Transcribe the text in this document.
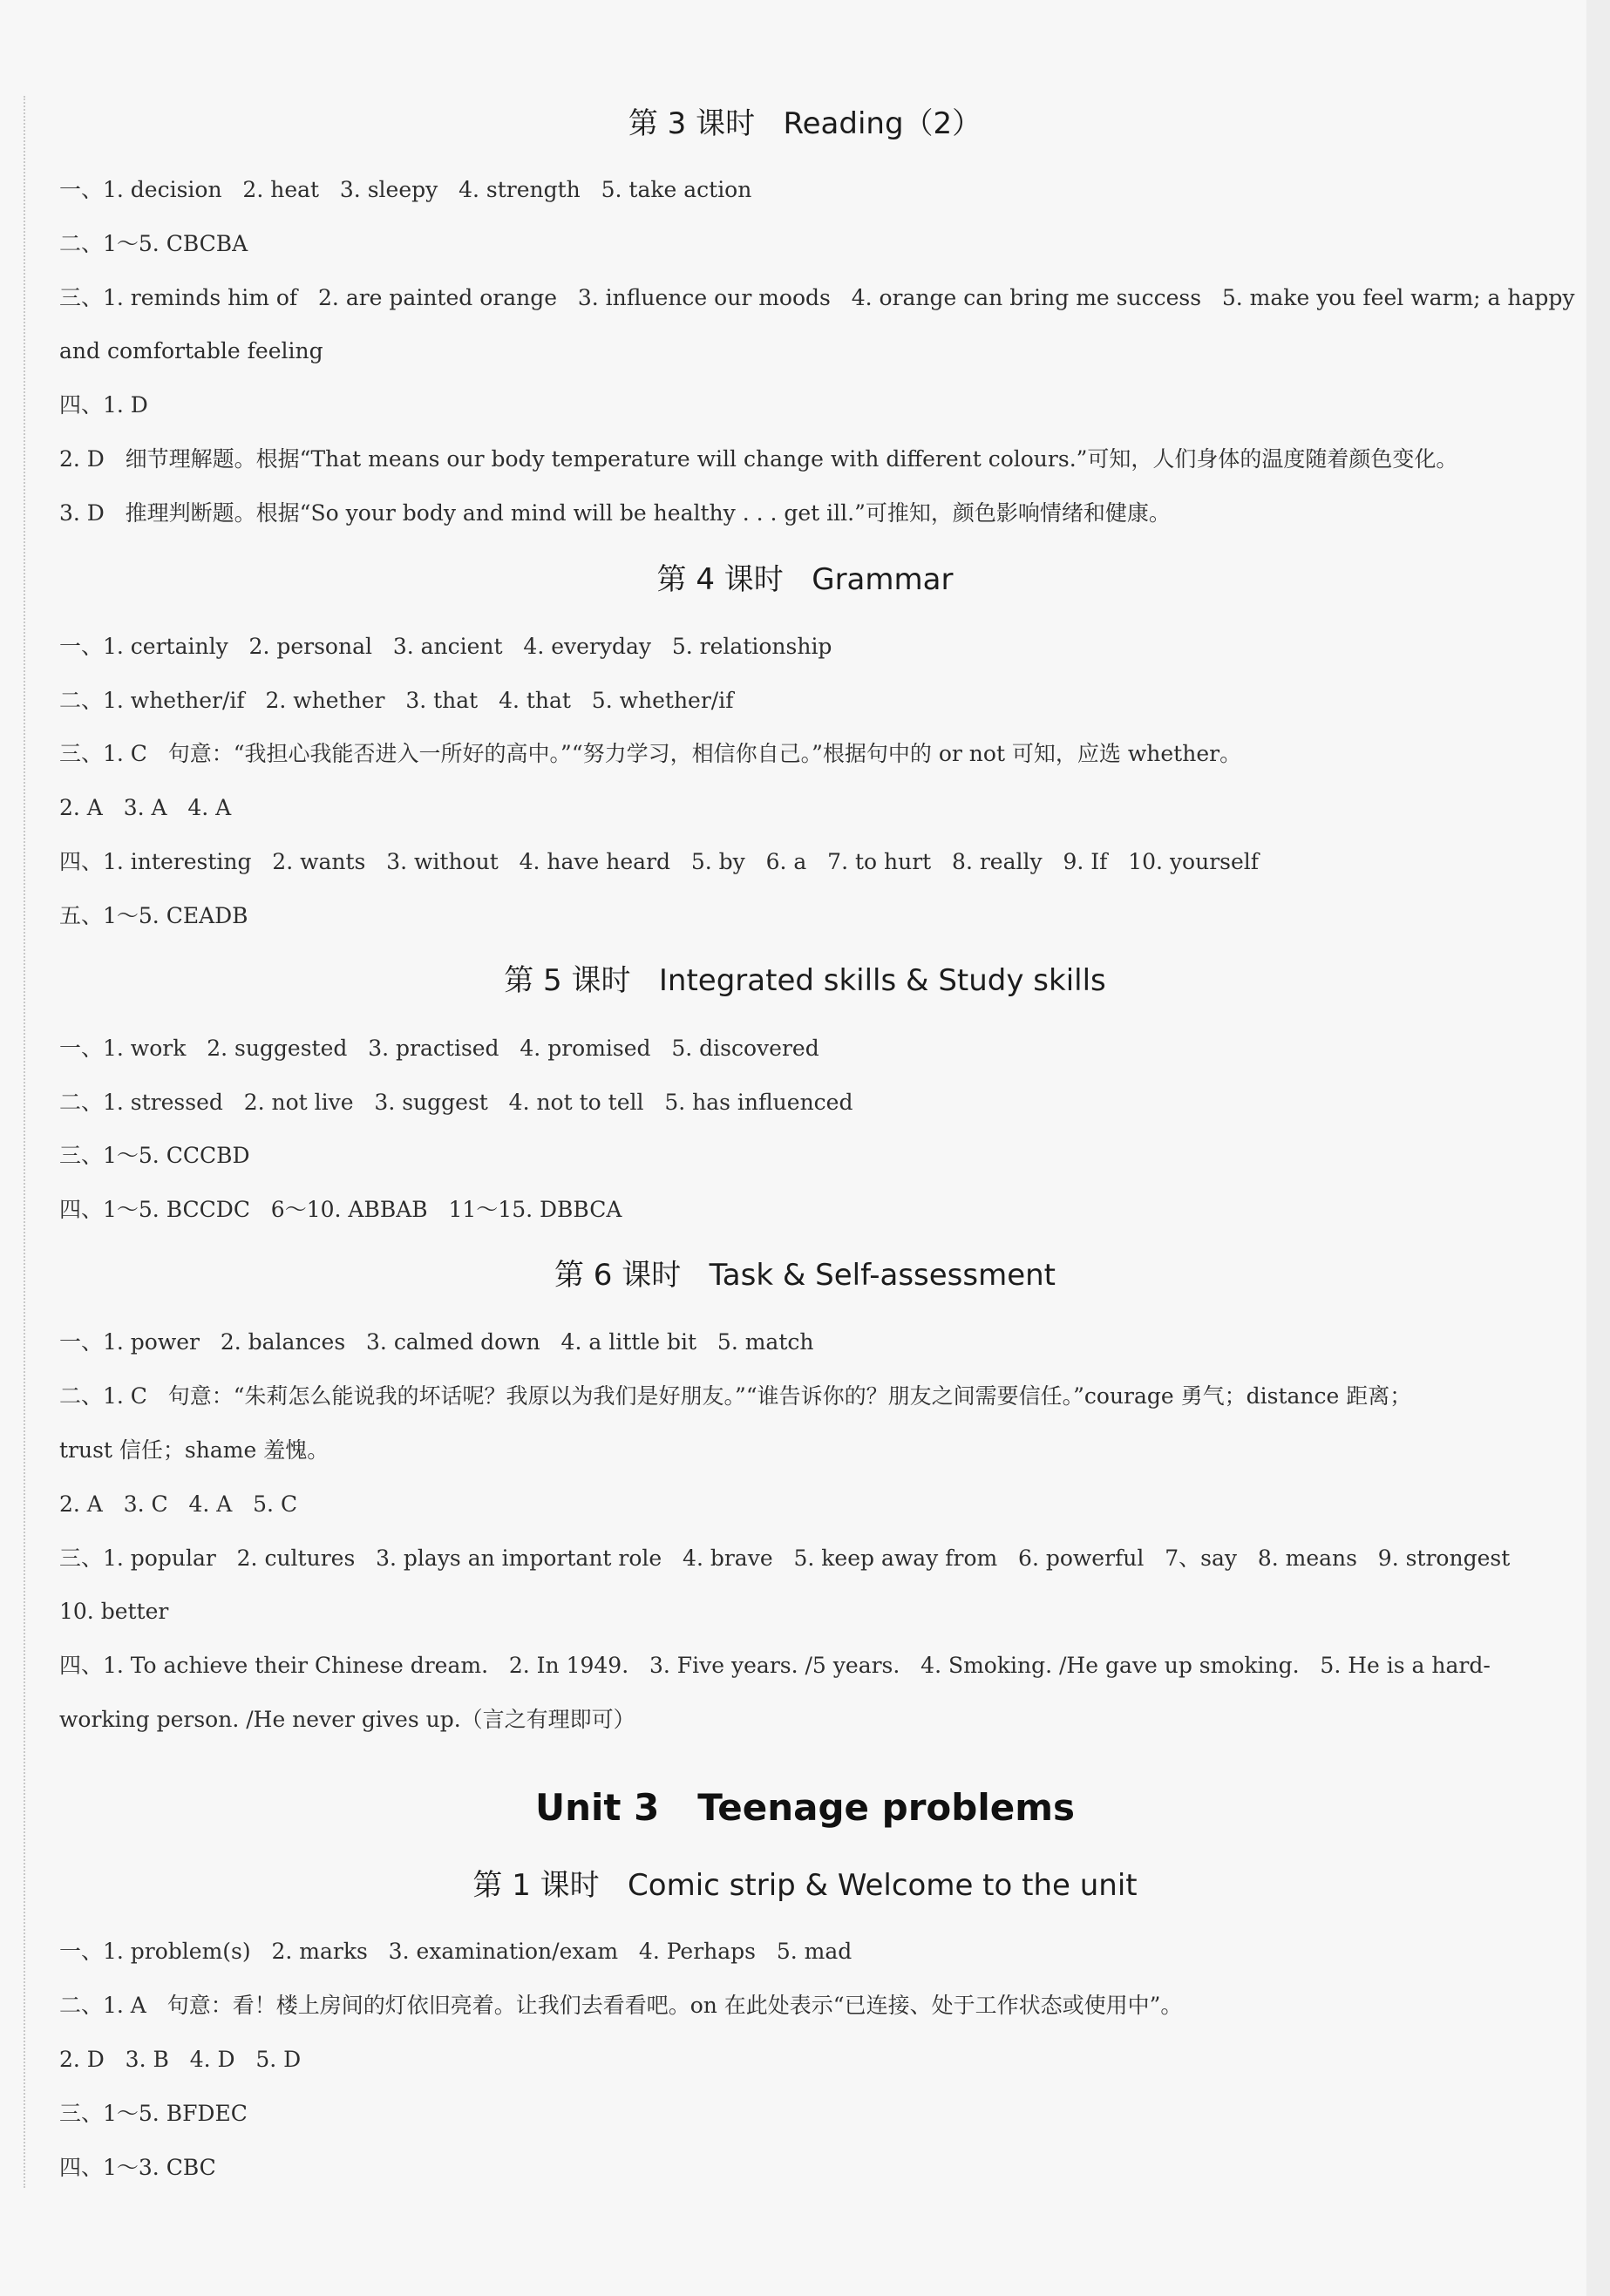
第 3 课时   Reading（2）
一、1. decision   2. heat   3. sleepy   4. strength   5. take action
二、1～5. CBCBA
三、1. reminds him of   2. are painted orange   3. influence our moods   4. orange can bring me success   5. make you feel warm; a happy
and comfortable feeling
四、1. D
2. D   细节理解题。根据“That means our body temperature will change with different colours.”可知，人们身体的温度随着颜色变化。
3. D   推理判断题。根据“So your body and mind will be healthy . . . get ill.”可推知，颜色影响情绪和健康。
第 4 课时   Grammar
一、1. certainly   2. personal   3. ancient   4. everyday   5. relationship
二、1. whether/if   2. whether   3. that   4. that   5. whether/if
三、1. C   句意：“我担心我能否进入一所好的高中。”“努力学习，相信你自己。”根据句中的 or not 可知，应选 whether。
2. A   3. A   4. A
四、1. interesting   2. wants   3. without   4. have heard   5. by   6. a   7. to hurt   8. really   9. If   10. yourself
五、1～5. CEADB
第 5 课时   Integrated skills & Study skills
一、1. work   2. suggested   3. practised   4. promised   5. discovered
二、1. stressed   2. not live   3. suggest   4. not to tell   5. has influenced
三、1～5. CCCBD
四、1～5. BCCDC   6～10. ABBAB   11～15. DBBCA
第 6 课时   Task & Self-assessment
一、1. power   2. balances   3. calmed down   4. a little bit   5. match
二、1. C   句意：“朱莉怎么能说我的坏话呢？我原以为我们是好朋友。”“谁告诉你的？朋友之间需要信任。”courage 勇气；distance 距离；
trust 信任；shame 羞愧。
2. A   3. C   4. A   5. C
三、1. popular   2. cultures   3. plays an important role   4. brave   5. keep away from   6. powerful   7、say   8. means   9. strongest
10. better
四、1. To achieve their Chinese dream.   2. In 1949.   3. Five years. /5 years.   4. Smoking. /He gave up smoking.   5. He is a hard-
working person. /He never gives up.（言之有理即可）
Unit 3   Teenage problems
第 1 课时   Comic strip & Welcome to the unit
一、1. problem(s)   2. marks   3. examination/exam   4. Perhaps   5. mad
二、1. A   句意：看！楼上房间的灯依旧亮着。让我们去看看吧。on 在此处表示“已连接、处于工作状态或使用中”。
2. D   3. B   4. D   5. D
三、1～5. BFDEC
四、1～3. CBC
